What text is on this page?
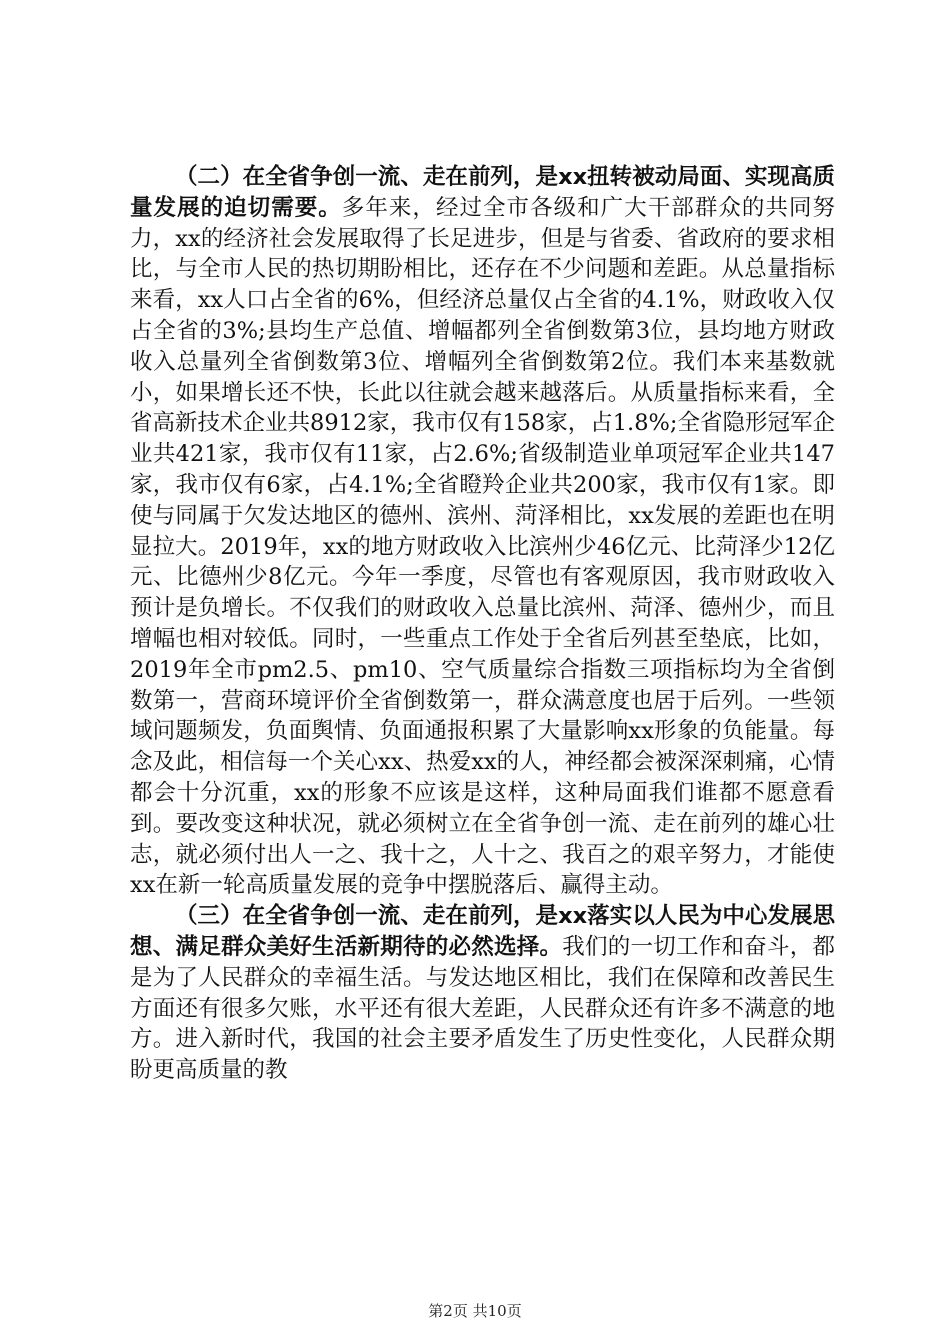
（二）在全省争创一流、走在前列，是xx扭转被动局面、实现高质量发展的迫切需要。多年来，经过全市各级和广大干部群众的共同努力，xx的经济社会发展取得了长足进步，但是与省委、省政府的要求相比，与全市人民的热切期盼相比，还存在不少问题和差距。从总量指标来看，xx人口占全省的6%，但经济总量仅占全省的4.1%，财政收入仅占全省的3%;县均生产总值、增幅都列全省倒数第3位，县均地方财政收入总量列全省倒数第3位、增幅列全省倒数第2位。我们本来基数就小，如果增长还不快，长此以往就会越来越落后。从质量指标来看，全省高新技术企业共8912家，我市仅有158家，占1.8%;全省隐形冠军企业共421家，我市仅有11家，占2.6%;省级制造业单项冠军企业共147家，我市仅有6家，占4.1%;全省瞪羚企业共200家，我市仅有1家。即使与同属于欠发达地区的德州、滨州、菏泽相比，xx发展的差距也在明显拉大。2019年，xx的地方财政收入比滨州少46亿元、比菏泽少12亿元、比德州少8亿元。今年一季度，尽管也有客观原因，我市财政收入预计是负增长。不仅我们的财政收入总量比滨州、菏泽、德州少，而且增幅也相对较低。同时，一些重点工作处于全省后列甚至垫底，比如，2019年全市pm2.5、pm10、空气质量综合指数三项指标均为全省倒数第一，营商环境评价全省倒数第一，群众满意度也居于后列。一些领域问题频发，负面舆情、负面通报积累了大量影响xx形象的负能量。每念及此，相信每一个关心xx、热爱xx的人，神经都会被深深刺痛，心情都会十分沉重，xx的形象不应该是这样，这种局面我们谁都不愿意看到。要改变这种状况，就必须树立在全省争创一流、走在前列的雄心壮志，就必须付出人一之、我十之，人十之、我百之的艰辛努力，才能使xx在新一轮高质量发展的竞争中摆脱落后、赢得主动。

（三）在全省争创一流、走在前列，是xx落实以人民为中心发展思想、满足群众美好生活新期待的必然选择。我们的一切工作和奋斗，都是为了人民群众的幸福生活。与发达地区相比，我们在保障和改善民生方面还有很多欠账，水平还有很大差距，人民群众还有许多不满意的地方。进入新时代，我国的社会主要矛盾发生了历史性变化，人民群众期盼更高质量的教

第2页 共10页
